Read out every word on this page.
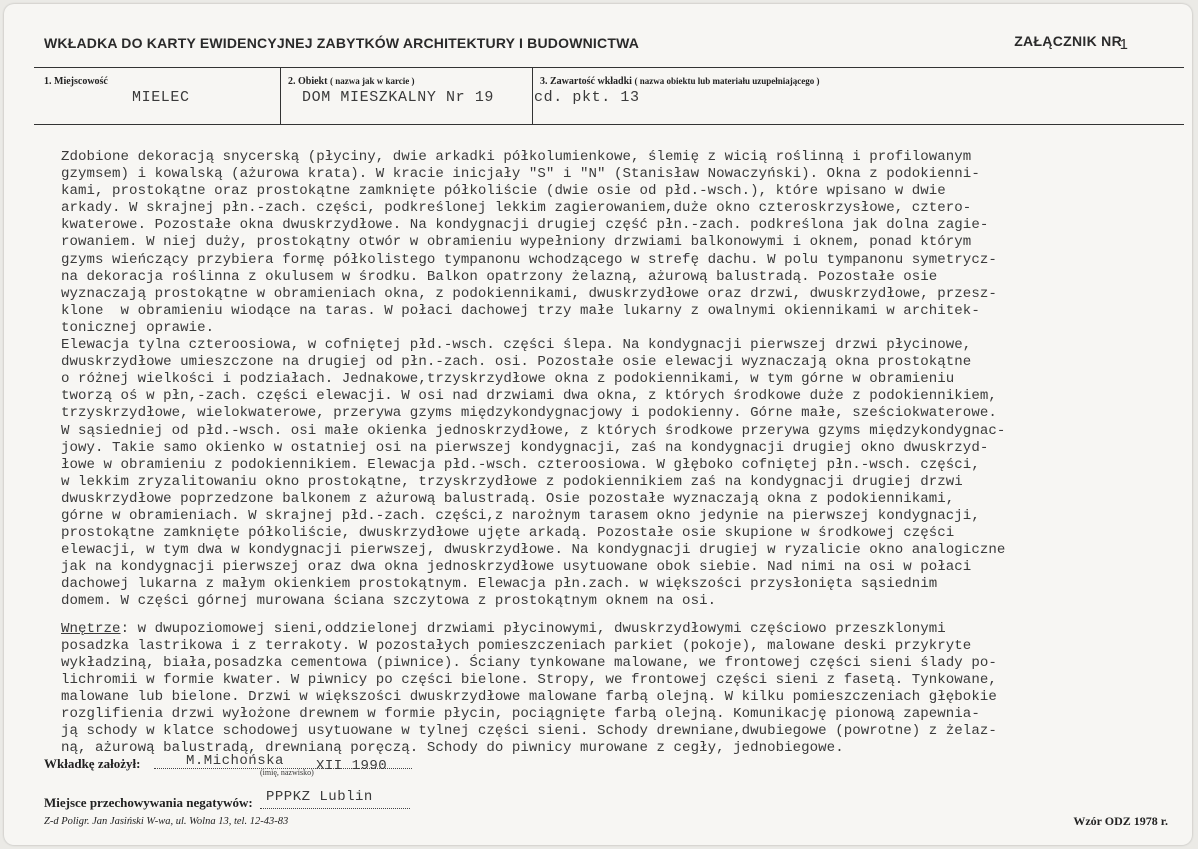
WKŁADKA DO KARTY EWIDENCYJNEJ ZABYTKÓW ARCHITEKTURY I BUDOWNICTWA	ZAŁĄCZNIK NR
1
1. Miejscowość
MIELEC
2. Obiekt ( nazwa jak w karcie )
DOM MIESZKALNY Nr 19
3. Zawartość wkładki ( nazwa obiektu lub materiału uzupełniającego )
cd. pkt. 13

Zdobione dekoracją snycerską (płyciny, dwie arkadki półkolumienkowe, ślemię z wicią roślinną i profilowanym

gzymsem) i kowalską (ażurowa krata). W kracie inicjały "S" i "N" (Stanisław Nowaczyński). Okna z podokienni-

kami, prostokątne oraz prostokątne zamknięte półkoliście (dwie osie od płd.-wsch.), które wpisano w dwie

arkady. W skrajnej płn.-zach. części, podkreślonej lekkim zagierowaniem,duże okno czteroskrzysłowe, cztero-

kwaterowe. Pozostałe okna dwuskrzydłowe. Na kondygnacji drugiej część płn.-zach. podkreślona jak dolna zagie-

rowaniem. W niej duży, prostokątny otwór w obramieniu wypełniony drzwiami balkonowymi i oknem, ponad którym

gzyms wieńczący przybiera formę półkolistego tympanonu wchodzącego w strefę dachu. W polu tympanonu symetrycz-

na dekoracja roślinna z okulusem w środku. Balkon opatrzony żelazną, ażurową balustradą. Pozostałe osie

wyznaczają prostokątne w obramieniach okna, z podokiennikami, dwuskrzydłowe oraz drzwi, dwuskrzydłowe, przesz-

klone  w obramieniu wiodące na taras. W połaci dachowej trzy małe lukarny z owalnymi okiennikami w architek-

tonicznej oprawie.

Elewacja tylna czteroosiowa, w cofniętej płd.-wsch. części ślepa. Na kondygnacji pierwszej drzwi płycinowe,

dwuskrzydłowe umieszczone na drugiej od płn.-zach. osi. Pozostałe osie elewacji wyznaczają okna prostokątne

o różnej wielkości i podziałach. Jednakowe,trzyskrzydłowe okna z podokiennikami, w tym górne w obramieniu

tworzą oś w płn,-zach. części elewacji. W osi nad drzwiami dwa okna, z których środkowe duże z podokiennikiem,

trzyskrzydłowe, wielokwaterowe, przerywa gzyms międzykondygnacjowy i podokienny. Górne małe, sześciokwaterowe.

W sąsiedniej od płd.-wsch. osi małe okienka jednoskrzydłowe, z których środkowe przerywa gzyms międzykondygnac-

jowy. Takie samo okienko w ostatniej osi na pierwszej kondygnacji, zaś na kondygnacji drugiej okno dwuskrzyd-

łowe w obramieniu z podokiennikiem. Elewacja płd.-wsch. czteroosiowa. W głęboko cofniętej płn.-wsch. części,

w lekkim zryzalitowaniu okno prostokątne, trzyskrzydłowe z podokiennikiem zaś na kondygnacji drugiej drzwi

dwuskrzydłowe poprzedzone balkonem z ażurową balustradą. Osie pozostałe wyznaczają okna z podokiennikami,

górne w obramieniach. W skrajnej płd.-zach. części,z narożnym tarasem okno jedynie na pierwszej kondygnacji,

prostokątne zamknięte półkoliście, dwuskrzydłowe ujęte arkadą. Pozostałe osie skupione w środkowej części

elewacji, w tym dwa w kondygnacji pierwszej, dwuskrzydłowe. Na kondygnacji drugiej w ryzalicie okno analogiczne

jak na kondygnacji pierwszej oraz dwa okna jednoskrzydłowe usytuowane obok siebie. Nad nimi na osi w połaci

dachowej lukarna z małym okienkiem prostokątnym. Elewacja płn.zach. w większości przysłonięta sąsiednim

domem. W części górnej murowana ściana szczytowa z prostokątnym oknem na osi.

Wnętrze: w dwupoziomowej sieni,oddzielonej drzwiami płycinowymi, dwuskrzydłowymi częściowo przeszklonymi

posadzka lastrikowa i z terrakoty. W pozostałych pomieszczeniach parkiet (pokoje), malowane deski przykryte

wykładziną, biała,posadzka cementowa (piwnice). Ściany tynkowane malowane, we frontowej części sieni ślady po-

lichromii w formie kwater. W piwnicy po części bielone. Stropy, we frontowej części sieni z fasetą. Tynkowane,

malowane lub bielone. Drzwi w większości dwuskrzydłowe malowane farbą olejną. W kilku pomieszczeniach głębokie

rozglifienia drzwi wyłożone drewnem w formie płycin, pociągnięte farbą olejną. Komunikację pionową zapewnia-

ją schody w klatce schodowej usytuowane w tylnej części sieni. Schody drewniane,dwubiegowe (powrotne) z żelaz-

ną, ażurową balustradą, drewnianą poręczą. Schody do piwnicy murowane z cegły, jednobiegowe.

Wkładkę założył:	M.Michońska
(imię, nazwisko) XII 1990
Miejsce przechowywania negatywów: PPPKZ Lublin
Z-d Poligr. Jan Jasiński W-wa, ul. Wolna 13, tel. 12-43-83	Wzór ODZ 1978 r.
